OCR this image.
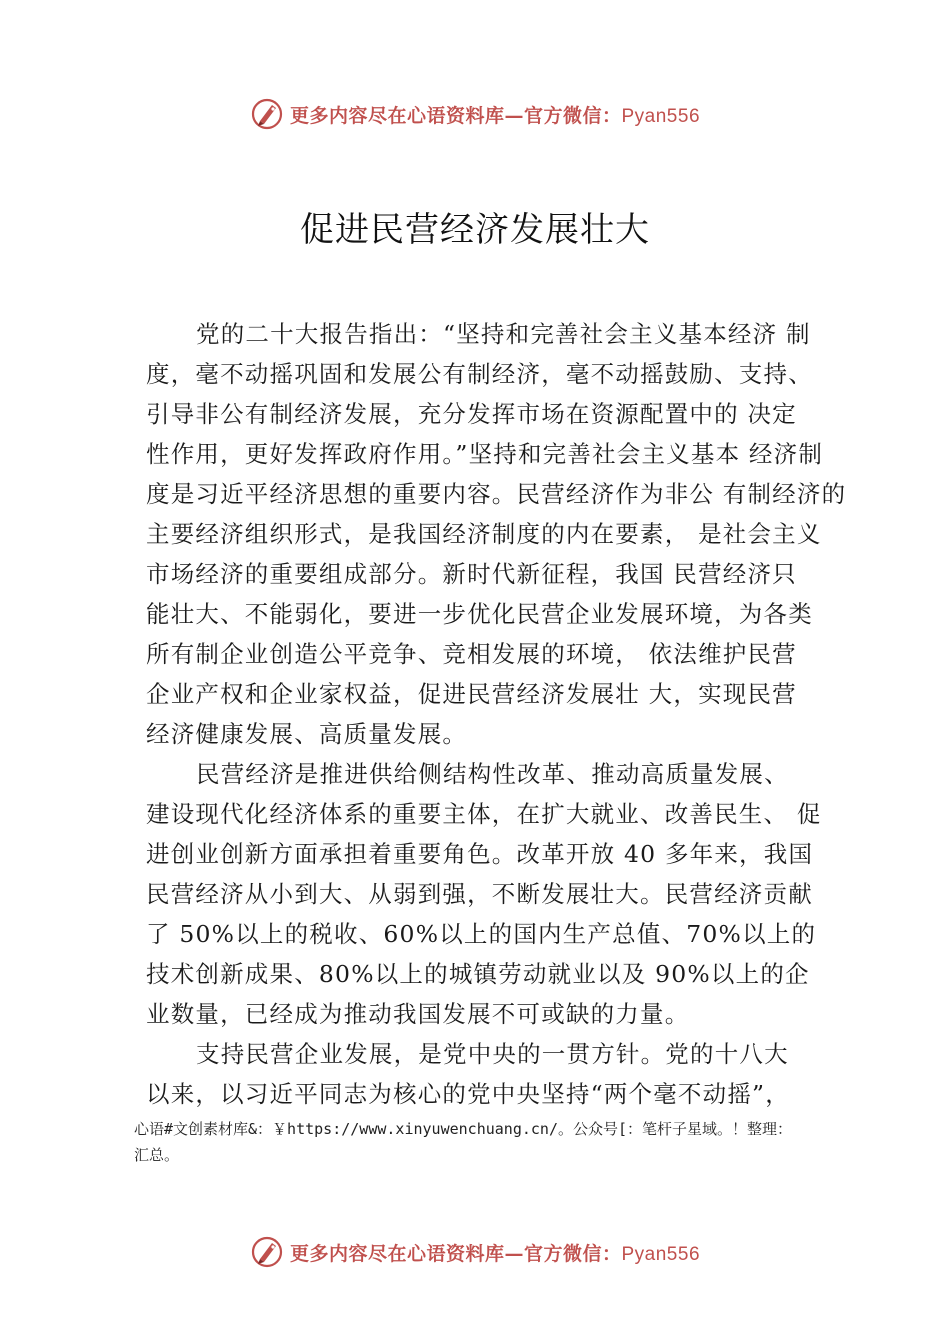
更多内容尽在心语资料库—官方微信：Pyan556
促进民营经济发展壮大
党的二十大报告指出：“坚持和完善社会主义基本经济 制
度，毫不动摇巩固和发展公有制经济，毫不动摇鼓励、支持、
引导非公有制经济发展，充分发挥市场在资源配置中的 决定
性作用，更好发挥政府作用。”坚持和完善社会主义基本 经济制
度是习近平经济思想的重要内容。民营经济作为非公 有制经济的
主要经济组织形式，是我国经济制度的内在要素， 是社会主义
市场经济的重要组成部分。新时代新征程，我国 民营经济只
能壮大、不能弱化，要进一步优化民营企业发展环境，为各类
所有制企业创造公平竞争、竞相发展的环境， 依法维护民营
企业产权和企业家权益，促进民营经济发展壮 大，实现民营
经济健康发展、高质量发展。
民营经济是推进供给侧结构性改革、推动高质量发展、
建设现代化经济体系的重要主体，在扩大就业、改善民生、 促
进创业创新方面承担着重要角色。改革开放 40 多年来，我国
民营经济从小到大、从弱到强，不断发展壮大。民营经济贡献
了 50%以上的税收、60%以上的国内生产总值、70%以上的
技术创新成果、80%以上的城镇劳动就业以及 90%以上的企
业数量，已经成为推动我国发展不可或缺的力量。
支持民营企业发展，是党中央的一贯方针。党的十八大
以来，以习近平同志为核心的党中央坚持“两个毫不动摇”，
心语#文创素材库&：￥https://www.xinyuwenchuang.cn/。公众号[：笔杆子星域。！整理：
汇总。
更多内容尽在心语资料库—官方微信：Pyan556
